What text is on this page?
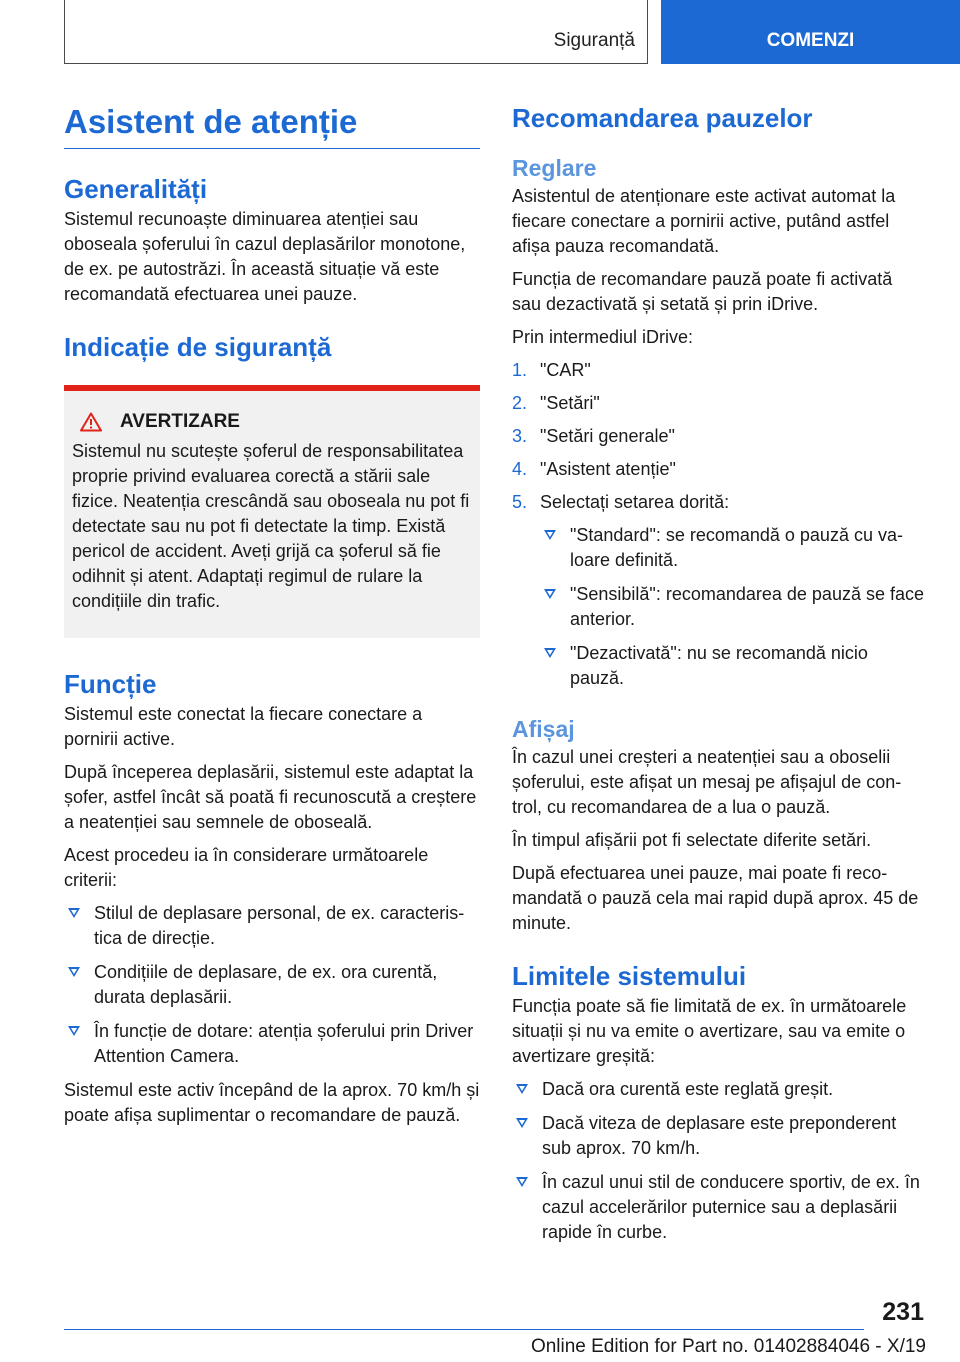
Siguranță	COMENZI
Asistent de atenție
Generalități

Sistemul recunoaște diminuarea atenției sau oboseala șoferului în cazul deplasărilor monotone, de ex. pe autostrăzi. În această situație vă este recomandată efectuarea unei pauze.

Indicație de siguranță
AVERTIZARE

Sistemul nu scutește șoferul de responsabilitatea proprie privind evaluarea corectă a stării sale fizice. Neatenția crescândă sau oboseala nu pot fi detectate sau nu pot fi detectate la timp. Există pericol de accident. Aveți grijă ca șoferul să fie odihnit și atent. Adaptați regimul de rulare la condițiile din trafic.

Funcție

Sistemul este conectat la fiecare conectare a pornirii active.

După începerea deplasării, sistemul este adaptat la șofer, astfel încât să poată fi recunoscută a creștere a neatenției sau semnele de oboseală.

Acest procedeu ia în considerare următoarele criterii:

Stilul de deplasare personal, de ex. caracteristica de direcție.
Condițiile de deplasare, de ex. ora curentă, durata deplasării.
În funcție de dotare: atenția șoferului prin Driver Attention Camera.

Sistemul este activ începând de la aprox. 70 km/h și poate afișa suplimentar o recomandare de pauză.

Recomandarea pauzelor
Reglare

Asistentul de atenționare este activat automat la fiecare conectare a pornirii active, putând astfel afișa pauza recomandată.

Funcția de recomandare pauză poate fi activată sau dezactivată și setată și prin iDrive.

Prin intermediul iDrive:

1. "CAR"
2. "Setări"
3. "Setări generale"
4. "Asistent atenție"
5. Selectați setarea dorită:
"Standard": se recomandă o pauză cu valoare definită.
"Sensibilă": recomandarea de pauză se face anterior.
"Dezactivată": nu se recomandă nicio pauză.
Afișaj

În cazul unei creșteri a neatenției sau a oboselii șoferului, este afișat un mesaj pe afișajul de control, cu recomandarea de a lua o pauză.

În timpul afișării pot fi selectate diferite setări.

După efectuarea unei pauze, mai poate fi recomandată o pauză cela mai rapid după aprox. 45 de minute.

Limitele sistemului

Funcția poate să fie limitată de ex. în următoarele situații și nu va emite o avertizare, sau va emite o avertizare greșită:

Dacă ora curentă este reglată greșit.
Dacă viteza de deplasare este preponderent sub aprox. 70 km/h.
În cazul unui stil de conducere sportiv, de ex. în cazul accelerărilor puternice sau a deplasării rapide în curbe.
231
Online Edition for Part no. 01402884046 - X/19
